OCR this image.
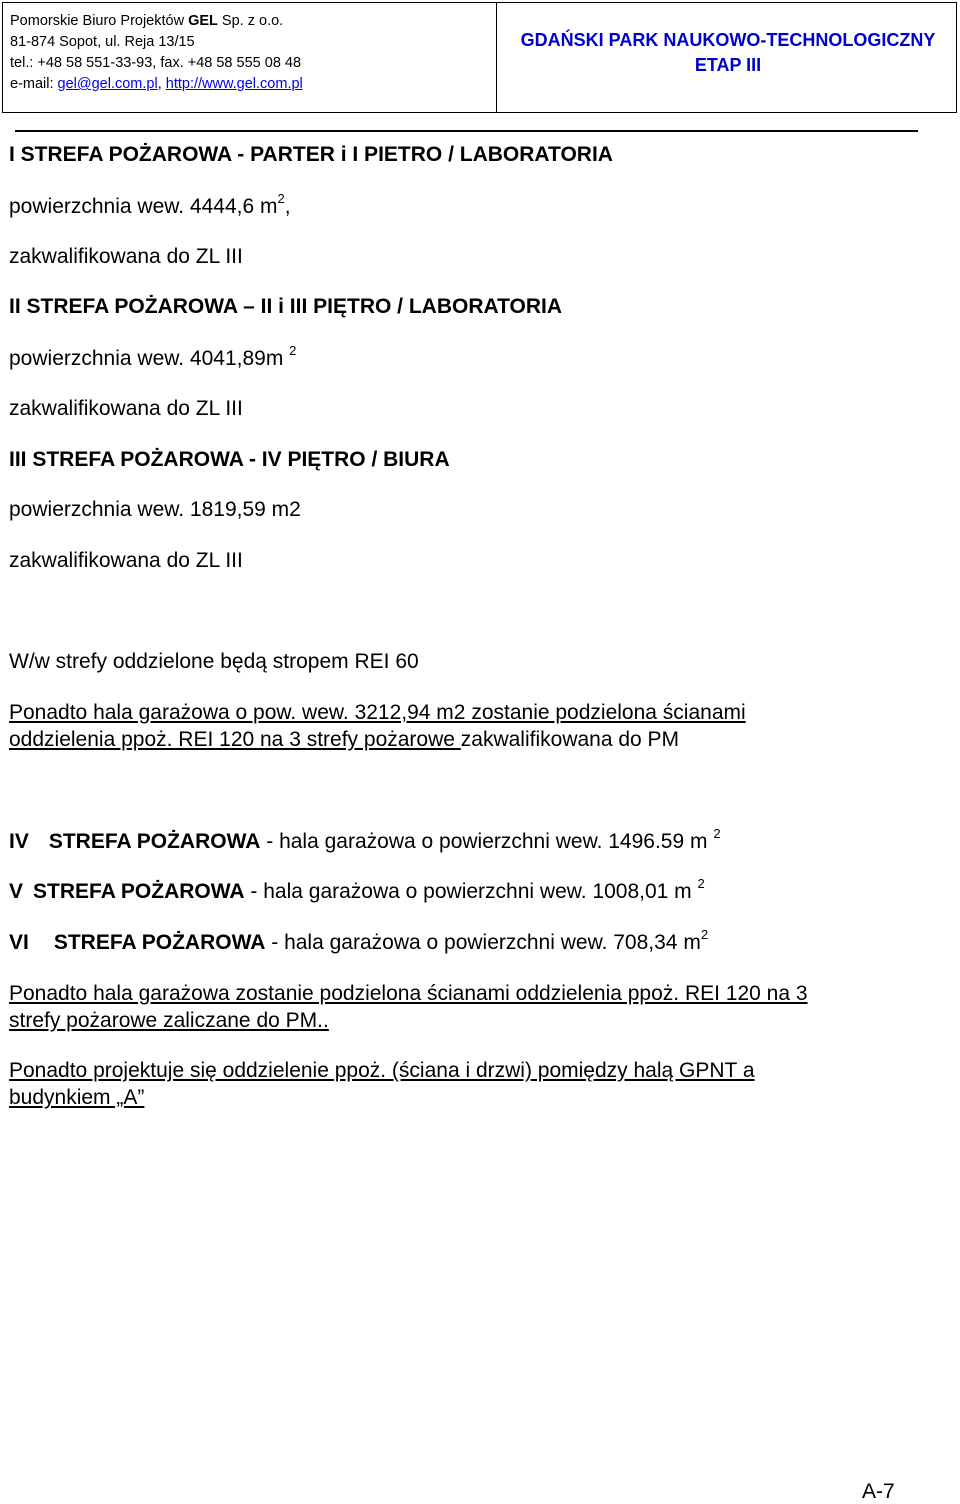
Pomorskie Biuro Projektów GEL Sp. z o.o.
81-874 Sopot, ul. Reja 13/15
tel.: +48 58 551-33-93, fax. +48 58 555 08 48
e-mail: gel@gel.com.pl, http://www.gel.com.pl
GDAŃSKI PARK NAUKOWO-TECHNOLOGICZNY
ETAP III
I STREFA POŻAROWA - PARTER i I PIETRO / LABORATORIA
powierzchnia wew. 4444,6 $m^2$,
zakwalifikowana do ZL III
II STREFA POŻAROWA – II i III PIĘTRO / LABORATORIA
powierzchnia wew. 4041,89m $^2$
zakwalifikowana do ZL III
III STREFA POŻAROWA - IV PIĘTRO / BIURA
powierzchnia wew. 1819,59 m2
zakwalifikowana do ZL III
W/w strefy oddzielone będą stropem REI 60
Ponadto hala garażowa o pow. wew. 3212,94 m2 zostanie podzielona ścianami
oddzielenia ppoż. REI 120 na 3 strefy pożarowe zakwalifikowana do PM
IV STREFA POŻAROWA - hala garażowa o powierzchni wew. 1496.59 m $^2$
V STREFA POŻAROWA - hala garażowa o powierzchni wew. 1008,01 m $^2$
VI STREFA POŻAROWA - hala garażowa o powierzchni wew. 708,34 $m^2$
Ponadto hala garażowa zostanie podzielona ścianami oddzielenia ppoż. REI 120 na 3
strefy pożarowe zaliczane do PM..
Ponadto projektuje się oddzielenie ppoż. (ściana i drzwi) pomiędzy halą GPNT a
budynkiem „A”
A-7
